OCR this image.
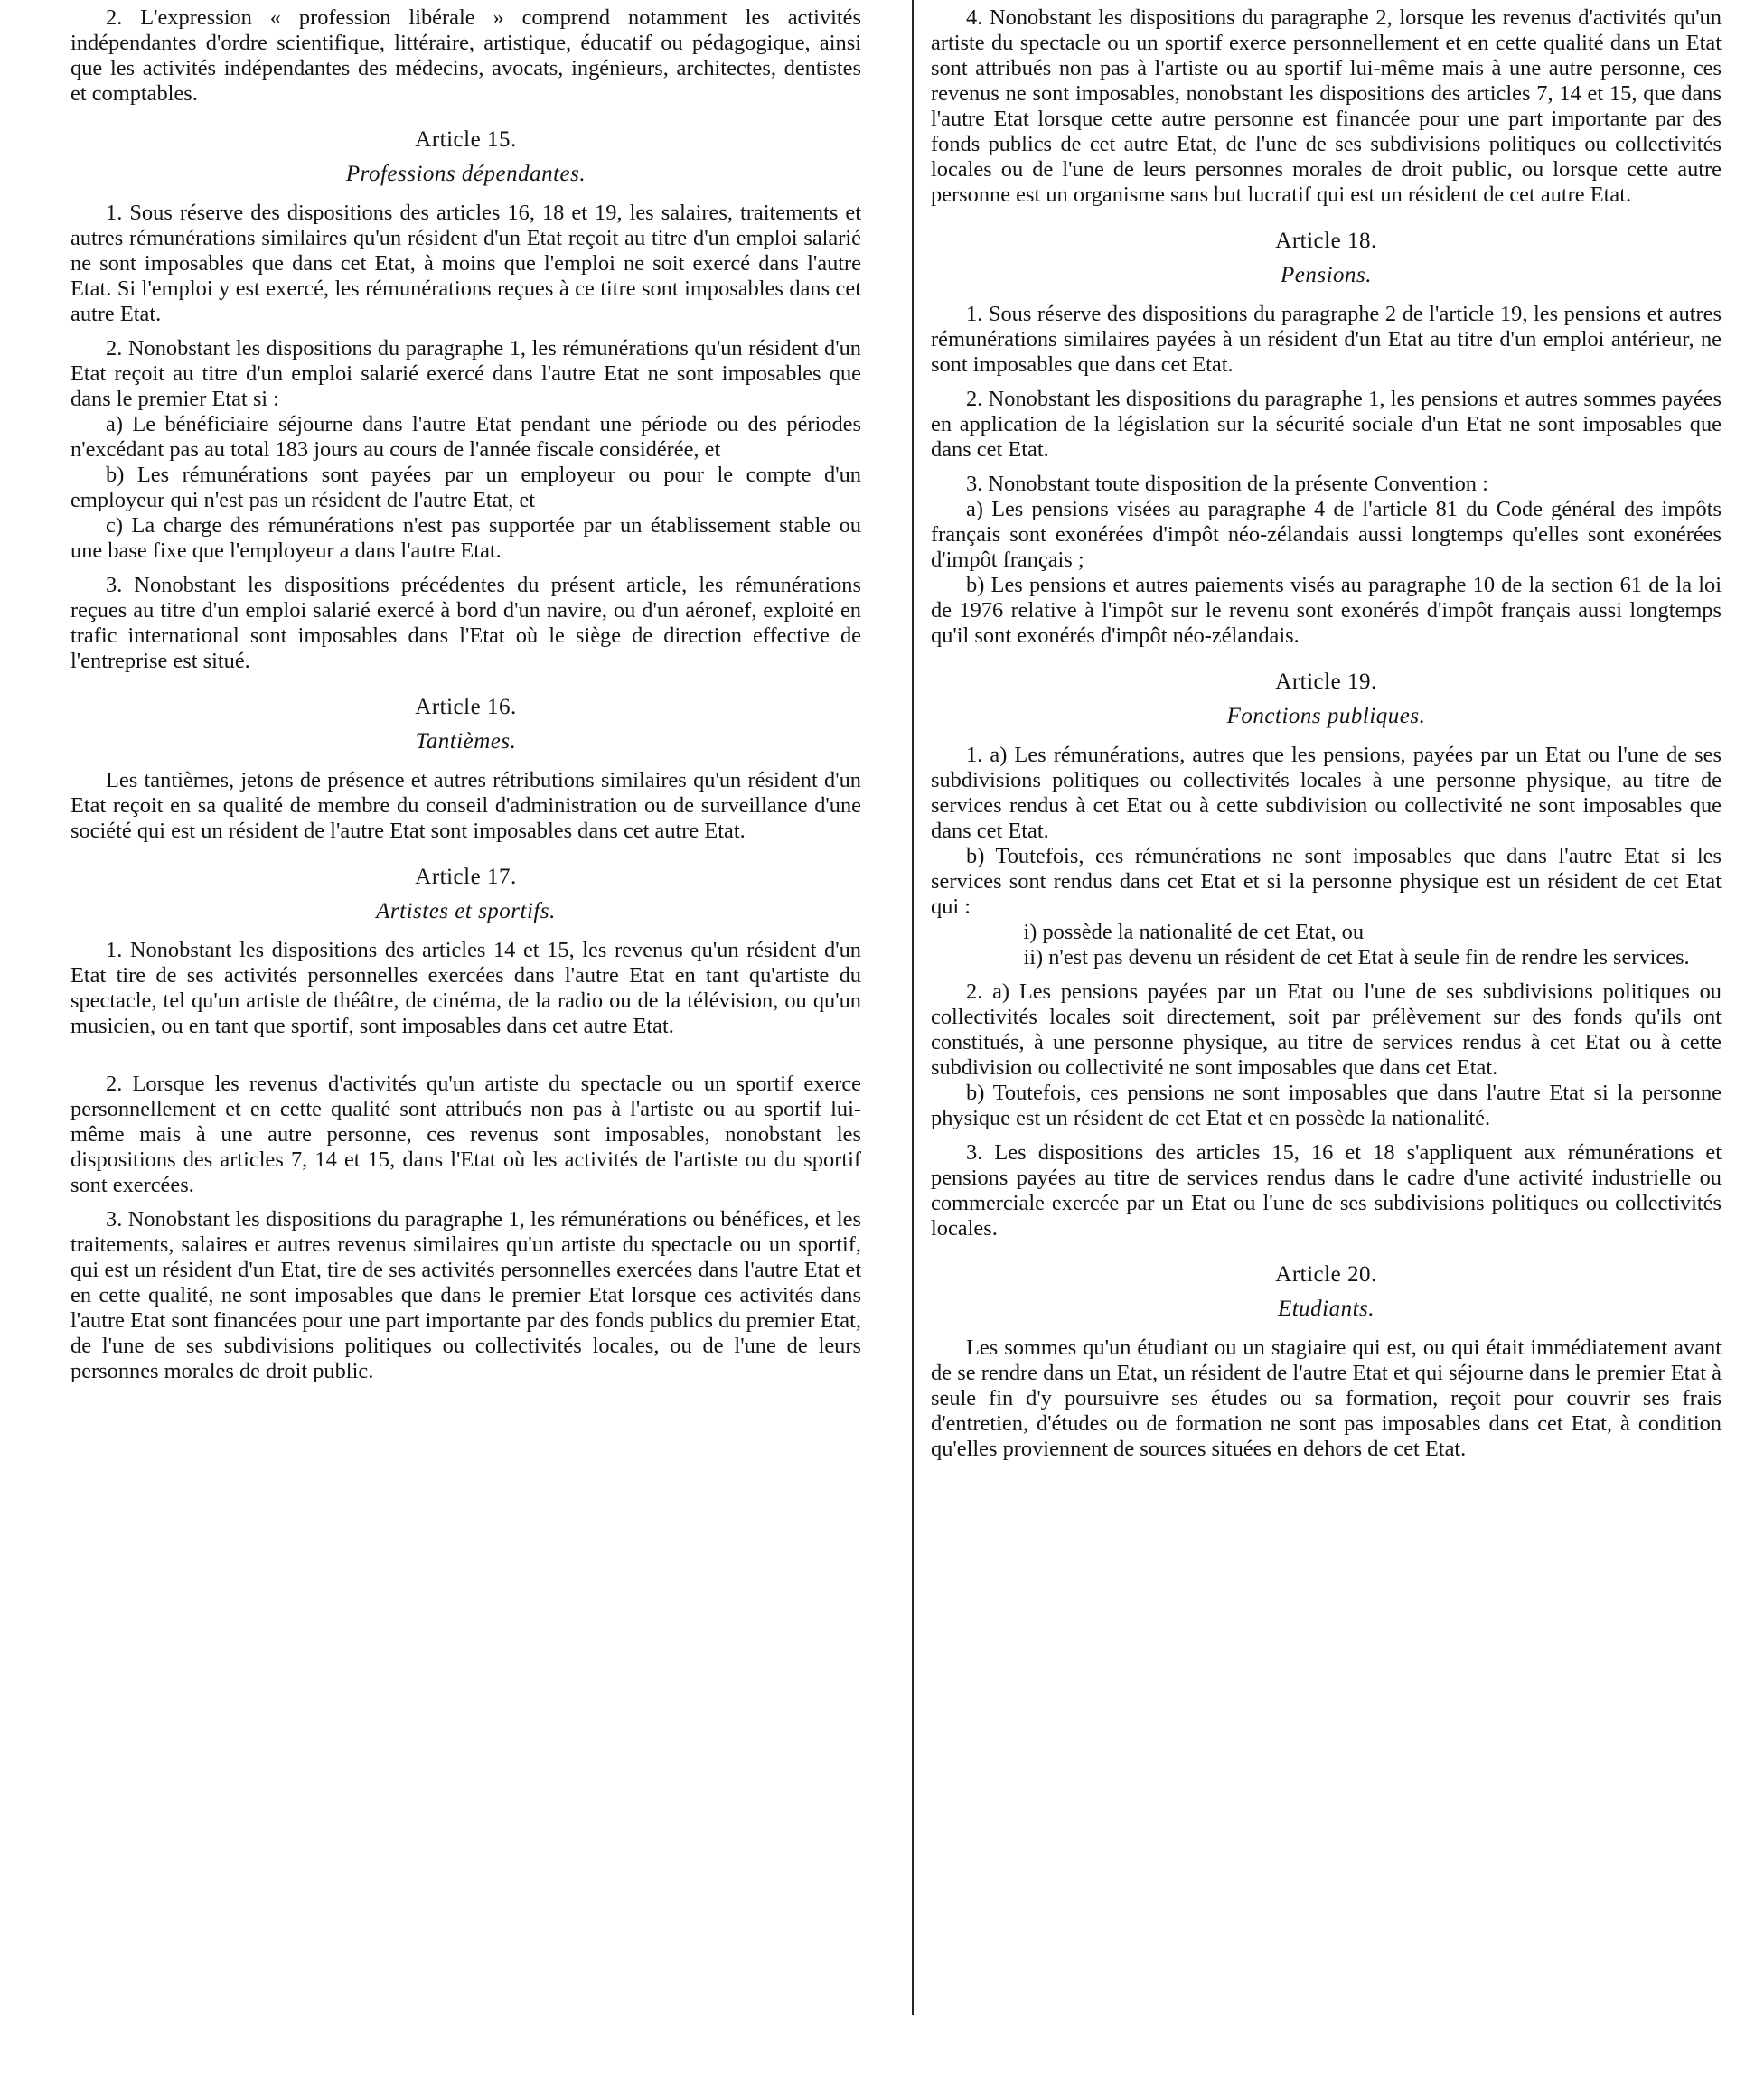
2. L'expression « profession libérale » comprend notamment les activités indépendantes d'ordre scientifique, littéraire, artistique, éducatif ou pédagogique, ainsi que les activités indépendantes des médecins, avocats, ingénieurs, architectes, dentistes et comptables.

Article 15.
Professions dépendantes.

1. Sous réserve des dispositions des articles 16, 18 et 19, les salaires, traitements et autres rémunérations similaires qu'un résident d'un Etat reçoit au titre d'un emploi salarié ne sont imposables que dans cet Etat, à moins que l'emploi ne soit exercé dans l'autre Etat. Si l'emploi y est exercé, les rémunérations reçues à ce titre sont imposables dans cet autre Etat.

2. Nonobstant les dispositions du paragraphe 1, les rémunérations qu'un résident d'un Etat reçoit au titre d'un emploi salarié exercé dans l'autre Etat ne sont imposables que dans le premier Etat si :

a) Le bénéficiaire séjourne dans l'autre Etat pendant une période ou des périodes n'excédant pas au total 183 jours au cours de l'année fiscale considérée, et

b) Les rémunérations sont payées par un employeur ou pour le compte d'un employeur qui n'est pas un résident de l'autre Etat, et

c) La charge des rémunérations n'est pas supportée par un établissement stable ou une base fixe que l'employeur a dans l'autre Etat.

3. Nonobstant les dispositions précédentes du présent article, les rémunérations reçues au titre d'un emploi salarié exercé à bord d'un navire, ou d'un aéronef, exploité en trafic international sont imposables dans l'Etat où le siège de direction effective de l'entreprise est situé.

Article 16.
Tantièmes.

Les tantièmes, jetons de présence et autres rétributions similaires qu'un résident d'un Etat reçoit en sa qualité de membre du conseil d'administration ou de surveillance d'une société qui est un résident de l'autre Etat sont imposables dans cet autre Etat.

Article 17.
Artistes et sportifs.

1. Nonobstant les dispositions des articles 14 et 15, les revenus qu'un résident d'un Etat tire de ses activités personnelles exercées dans l'autre Etat en tant qu'artiste du spectacle, tel qu'un artiste de théâtre, de cinéma, de la radio ou de la télévision, ou qu'un musicien, ou en tant que sportif, sont imposables dans cet autre Etat.

2. Lorsque les revenus d'activités qu'un artiste du spectacle ou un sportif exerce personnellement et en cette qualité sont attribués non pas à l'artiste ou au sportif lui-même mais à une autre personne, ces revenus sont imposables, nonobstant les dispositions des articles 7, 14 et 15, dans l'Etat où les activités de l'artiste ou du sportif sont exercées.

3. Nonobstant les dispositions du paragraphe 1, les rémunérations ou bénéfices, et les traitements, salaires et autres revenus similaires qu'un artiste du spectacle ou un sportif, qui est un résident d'un Etat, tire de ses activités personnelles exercées dans l'autre Etat et en cette qualité, ne sont imposables que dans le premier Etat lorsque ces activités dans l'autre Etat sont financées pour une part importante par des fonds publics du premier Etat, de l'une de ses subdivisions politiques ou collectivités locales, ou de l'une de leurs personnes morales de droit public.

4. Nonobstant les dispositions du paragraphe 2, lorsque les revenus d'activités qu'un artiste du spectacle ou un sportif exerce personnellement et en cette qualité dans un Etat sont attribués non pas à l'artiste ou au sportif lui-même mais à une autre personne, ces revenus ne sont imposables, nonobstant les dispositions des articles 7, 14 et 15, que dans l'autre Etat lorsque cette autre personne est financée pour une part importante par des fonds publics de cet autre Etat, de l'une de ses subdivisions politiques ou collectivités locales ou de l'une de leurs personnes morales de droit public, ou lorsque cette autre personne est un organisme sans but lucratif qui est un résident de cet autre Etat.

Article 18.
Pensions.

1. Sous réserve des dispositions du paragraphe 2 de l'article 19, les pensions et autres rémunérations similaires payées à un résident d'un Etat au titre d'un emploi antérieur, ne sont imposables que dans cet Etat.

2. Nonobstant les dispositions du paragraphe 1, les pensions et autres sommes payées en application de la législation sur la sécurité sociale d'un Etat ne sont imposables que dans cet Etat.

3. Nonobstant toute disposition de la présente Convention :

a) Les pensions visées au paragraphe 4 de l'article 81 du Code général des impôts français sont exonérées d'impôt néo-zélandais aussi longtemps qu'elles sont exonérées d'impôt français ;

b) Les pensions et autres paiements visés au paragraphe 10 de la section 61 de la loi de 1976 relative à l'impôt sur le revenu sont exonérés d'impôt français aussi longtemps qu'il sont exonérés d'impôt néo-zélandais.

Article 19.
Fonctions publiques.

1. a) Les rémunérations, autres que les pensions, payées par un Etat ou l'une de ses subdivisions politiques ou collectivités locales à une personne physique, au titre de services rendus à cet Etat ou à cette subdivision ou collectivité ne sont imposables que dans cet Etat.

b) Toutefois, ces rémunérations ne sont imposables que dans l'autre Etat si les services sont rendus dans cet Etat et si la personne physique est un résident de cet Etat qui :

i) possède la nationalité de cet Etat, ou
ii) n'est pas devenu un résident de cet Etat à seule fin de rendre les services.

2. a) Les pensions payées par un Etat ou l'une de ses subdivisions politiques ou collectivités locales soit directement, soit par prélèvement sur des fonds qu'ils ont constitués, à une personne physique, au titre de services rendus à cet Etat ou à cette subdivision ou collectivité ne sont imposables que dans cet Etat.

b) Toutefois, ces pensions ne sont imposables que dans l'autre Etat si la personne physique est un résident de cet Etat et en possède la nationalité.

3. Les dispositions des articles 15, 16 et 18 s'appliquent aux rémunérations et pensions payées au titre de services rendus dans le cadre d'une activité industrielle ou commerciale exercée par un Etat ou l'une de ses subdivisions politiques ou collectivités locales.

Article 20.
Etudiants.

Les sommes qu'un étudiant ou un stagiaire qui est, ou qui était immédiatement avant de se rendre dans un Etat, un résident de l'autre Etat et qui séjourne dans le premier Etat à seule fin d'y poursuivre ses études ou sa formation, reçoit pour couvrir ses frais d'entretien, d'études ou de formation ne sont pas imposables dans cet Etat, à condition qu'elles proviennent de sources situées en dehors de cet Etat.
